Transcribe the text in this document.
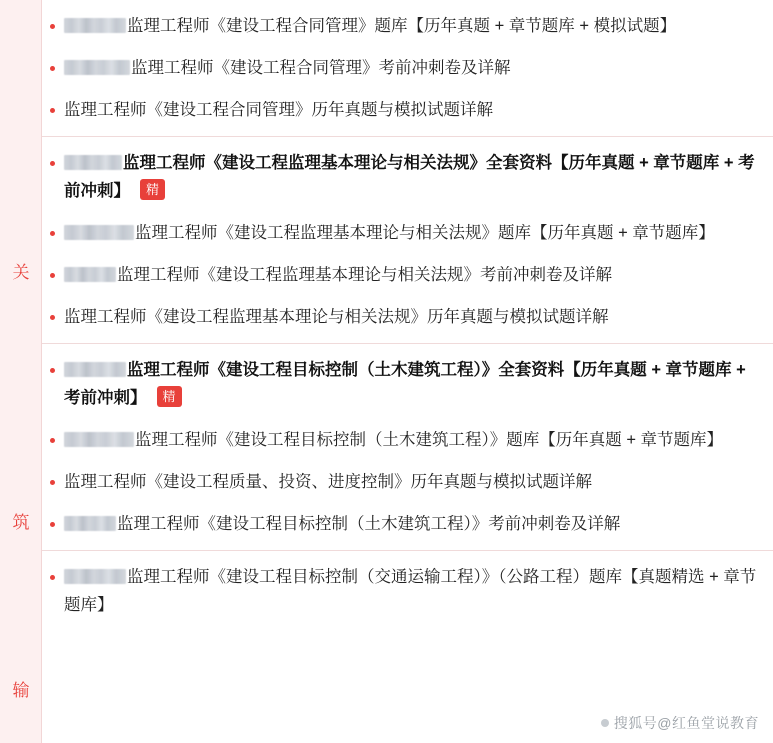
关
筑
输
监理工程师《建设工程合同管理》题库【历年真题 + 章节题库 + 模拟试题】
监理工程师《建设工程合同管理》考前冲刺卷及详解
监理工程师《建设工程合同管理》历年真题与模拟试题详解
监理工程师《建设工程监理基本理论与相关法规》全套资料【历年真题 + 章节题库 + 考前冲刺】 精
监理工程师《建设工程监理基本理论与相关法规》题库【历年真题 + 章节题库】
监理工程师《建设工程监理基本理论与相关法规》考前冲刺卷及详解
监理工程师《建设工程监理基本理论与相关法规》历年真题与模拟试题详解
监理工程师《建设工程目标控制（土木建筑工程）》全套资料【历年真题 + 章节题库 + 考前冲刺】 精
监理工程师《建设工程目标控制（土木建筑工程）》题库【历年真题 + 章节题库】
监理工程师《建设工程质量、投资、进度控制》历年真题与模拟试题详解
监理工程师《建设工程目标控制（土木建筑工程）》考前冲刺卷及详解
监理工程师《建设工程目标控制（交通运输工程）》（公路工程）题库【真题精选 + 章节题库】
搜狐号@红鱼堂说教育
